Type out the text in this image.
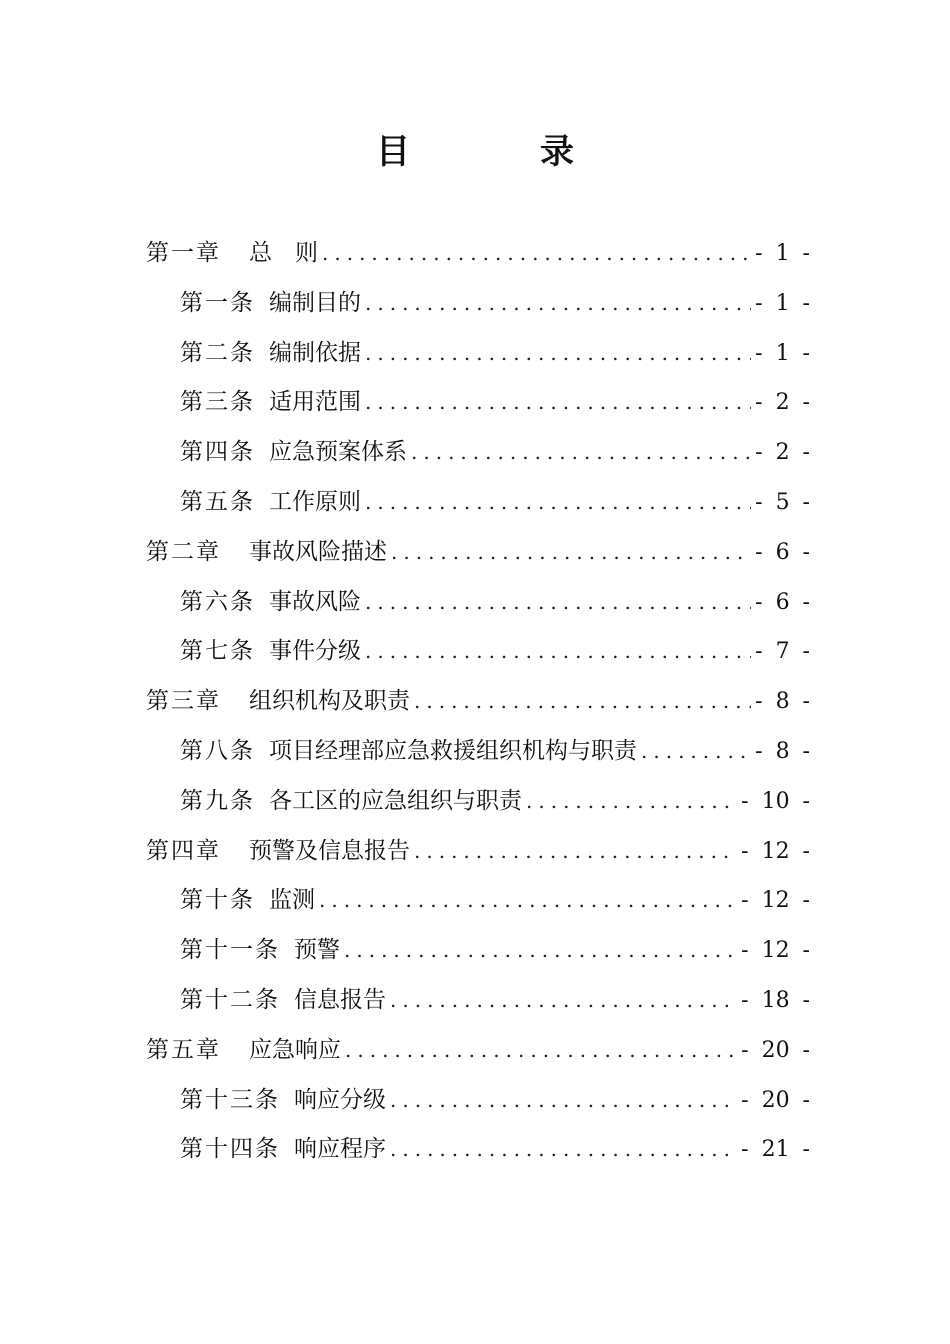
目　录
第一章 总　则 .....	- 1 -
第一条 编制目的 .....	- 1 -
第二条 编制依据 .....	- 1 -
第三条 适用范围 .....	- 2 -
第四条 应急预案体系 .....	- 2 -
第五条 工作原则 .....	- 5 -
第二章 事故风险描述 .....	- 6 -
第六条 事故风险 .....	- 6 -
第七条 事件分级 .....	- 7 -
第三章 组织机构及职责 .....	- 8 -
第八条 项目经理部应急救援组织机构与职责 .....	- 8 -
第九条 各工区的应急组织与职责 .....	- 10 -
第四章 预警及信息报告 .....	- 12 -
第十条 监测 .....	- 12 -
第十一条 预警 .....	- 12 -
第十二条 信息报告 .....	- 18 -
第五章 应急响应 .....	- 20 -
第十三条 响应分级 .....	- 20 -
第十四条 响应程序 .....	- 21 -
